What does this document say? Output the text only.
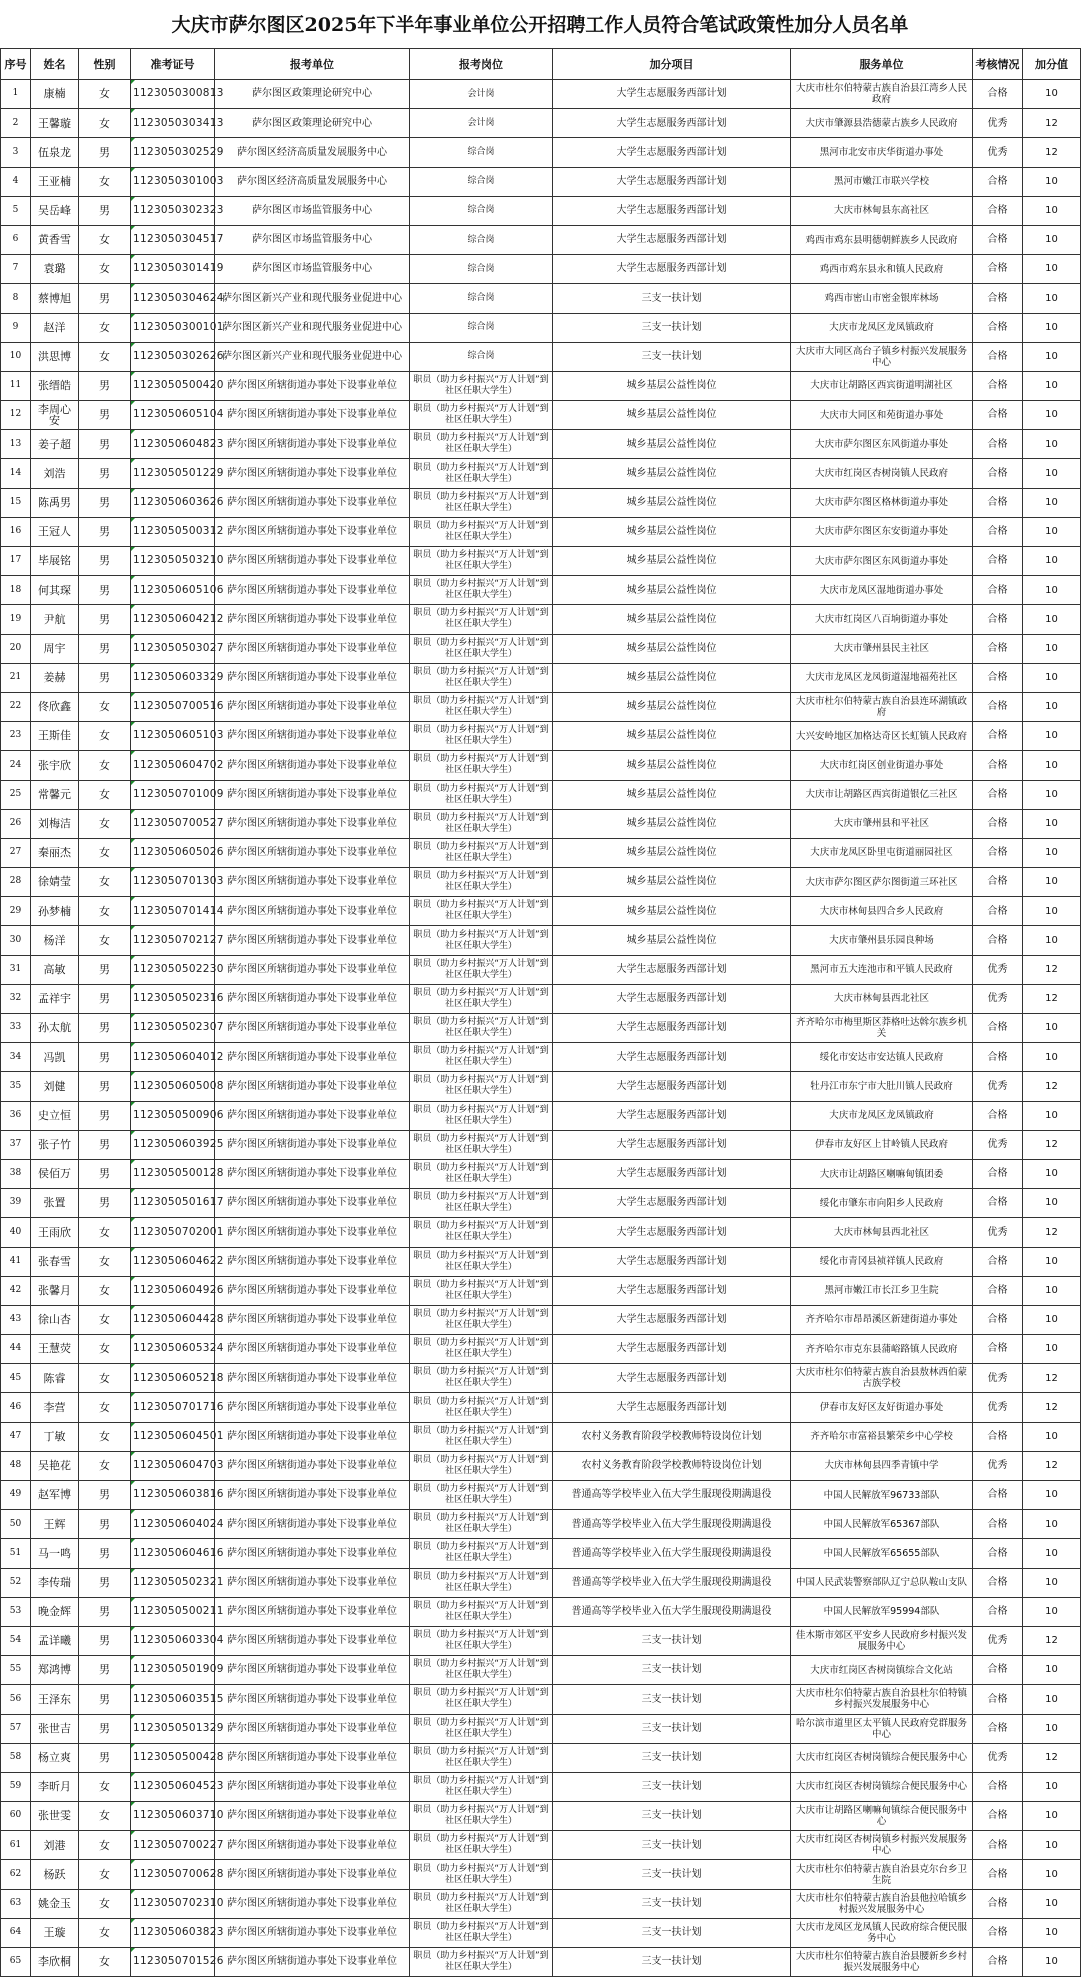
大庆市萨尔图区2025年下半年事业单位公开招聘工作人员符合笔试政策性加分人员名单
序号	姓名	性别	准考证号	报考单位	报考岗位	加分项目	服务单位	考核情况	加分值
1	康楠	女	1123050300813	萨尔图区政策理论研究中心	会计岗	大学生志愿服务西部计划	大庆市杜尔伯特蒙古族自治县江湾乡人民政府	合格	10
2	王馨璇	女	1123050303413	萨尔图区政策理论研究中心	会计岗	大学生志愿服务西部计划	大庆市肇源县浩德蒙古族乡人民政府	优秀	12
3	伍泉龙	男	1123050302529	萨尔图区经济高质量发展服务中心	综合岗	大学生志愿服务西部计划	黑河市北安市庆华街道办事处	优秀	12
4	王亚楠	女	1123050301003	萨尔图区经济高质量发展服务中心	综合岗	大学生志愿服务西部计划	黑河市嫩江市联兴学校	合格	10
5	吴岳峰	男	1123050302323	萨尔图区市场监管服务中心	综合岗	大学生志愿服务西部计划	大庆市林甸县东高社区	合格	10
6	黄香雪	女	1123050304517	萨尔图区市场监管服务中心	综合岗	大学生志愿服务西部计划	鸡西市鸡东县明德朝鲜族乡人民政府	合格	10
7	袁璐	女	1123050301419	萨尔图区市场监管服务中心	综合岗	大学生志愿服务西部计划	鸡西市鸡东县永和镇人民政府	合格	10
8	蔡博旭	男	1123050304624	萨尔图区新兴产业和现代服务业促进中心	综合岗	三支一扶计划	鸡西市密山市密金银库林场	合格	10
9	赵洋	女	1123050300101	萨尔图区新兴产业和现代服务业促进中心	综合岗	三支一扶计划	大庆市龙凤区龙凤镇政府	合格	10
10	洪思博	女	1123050302626	萨尔图区新兴产业和现代服务业促进中心	综合岗	三支一扶计划	大庆市大同区高台子镇乡村振兴发展服务中心	合格	10
11	张缙皓	男	1123050500420	萨尔图区所辖街道办事处下设事业单位	职员（助力乡村振兴“万人计划”到社区任职大学生）	城乡基层公益性岗位	大庆市让胡路区西宾街道明湖社区	合格	10
12	李周心安	男	1123050605104	萨尔图区所辖街道办事处下设事业单位	职员（助力乡村振兴“万人计划”到社区任职大学生）	城乡基层公益性岗位	大庆市大同区和苑街道办事处	合格	10
13	姜子超	男	1123050604823	萨尔图区所辖街道办事处下设事业单位	职员（助力乡村振兴“万人计划”到社区任职大学生）	城乡基层公益性岗位	大庆市萨尔图区东风街道办事处	合格	10
14	刘浩	男	1123050501229	萨尔图区所辖街道办事处下设事业单位	职员（助力乡村振兴“万人计划”到社区任职大学生）	城乡基层公益性岗位	大庆市红岗区杏树岗镇人民政府	合格	10
15	陈禹男	男	1123050603626	萨尔图区所辖街道办事处下设事业单位	职员（助力乡村振兴“万人计划”到社区任职大学生）	城乡基层公益性岗位	大庆市萨尔图区格林街道办事处	合格	10
16	王冠人	男	1123050500312	萨尔图区所辖街道办事处下设事业单位	职员（助力乡村振兴“万人计划”到社区任职大学生）	城乡基层公益性岗位	大庆市萨尔图区东安街道办事处	合格	10
17	毕展铭	男	1123050503210	萨尔图区所辖街道办事处下设事业单位	职员（助力乡村振兴“万人计划”到社区任职大学生）	城乡基层公益性岗位	大庆市萨尔图区东风街道办事处	合格	10
18	何其琛	男	1123050605106	萨尔图区所辖街道办事处下设事业单位	职员（助力乡村振兴“万人计划”到社区任职大学生）	城乡基层公益性岗位	大庆市龙凤区湿地街道办事处	合格	10
19	尹航	男	1123050604212	萨尔图区所辖街道办事处下设事业单位	职员（助力乡村振兴“万人计划”到社区任职大学生）	城乡基层公益性岗位	大庆市红岗区八百垧街道办事处	合格	10
20	周宇	男	1123050503027	萨尔图区所辖街道办事处下设事业单位	职员（助力乡村振兴“万人计划”到社区任职大学生）	城乡基层公益性岗位	大庆市肇州县民主社区	合格	10
21	姜赫	男	1123050603329	萨尔图区所辖街道办事处下设事业单位	职员（助力乡村振兴“万人计划”到社区任职大学生）	城乡基层公益性岗位	大庆市龙凤区龙凤街道湿地福苑社区	合格	10
22	佟欣鑫	女	1123050700516	萨尔图区所辖街道办事处下设事业单位	职员（助力乡村振兴“万人计划”到社区任职大学生）	城乡基层公益性岗位	大庆市杜尔伯特蒙古族自治县连环湖镇政府	合格	10
23	王斯佳	女	1123050605103	萨尔图区所辖街道办事处下设事业单位	职员（助力乡村振兴“万人计划”到社区任职大学生）	城乡基层公益性岗位	大兴安岭地区加格达奇区长虹镇人民政府	合格	10
24	张宇欣	女	1123050604702	萨尔图区所辖街道办事处下设事业单位	职员（助力乡村振兴“万人计划”到社区任职大学生）	城乡基层公益性岗位	大庆市红岗区创业街道办事处	合格	10
25	常馨元	女	1123050701009	萨尔图区所辖街道办事处下设事业单位	职员（助力乡村振兴“万人计划”到社区任职大学生）	城乡基层公益性岗位	大庆市让胡路区西宾街道银亿三社区	合格	10
26	刘梅洁	女	1123050700527	萨尔图区所辖街道办事处下设事业单位	职员（助力乡村振兴“万人计划”到社区任职大学生）	城乡基层公益性岗位	大庆市肇州县和平社区	合格	10
27	秦丽杰	女	1123050605026	萨尔图区所辖街道办事处下设事业单位	职员（助力乡村振兴“万人计划”到社区任职大学生）	城乡基层公益性岗位	大庆市龙凤区卧里屯街道丽园社区	合格	10
28	徐婧莹	女	1123050701303	萨尔图区所辖街道办事处下设事业单位	职员（助力乡村振兴“万人计划”到社区任职大学生）	城乡基层公益性岗位	大庆市萨尔图区萨尔图街道三环社区	合格	10
29	孙梦楠	女	1123050701414	萨尔图区所辖街道办事处下设事业单位	职员（助力乡村振兴“万人计划”到社区任职大学生）	城乡基层公益性岗位	大庆市林甸县四合乡人民政府	合格	10
30	杨洋	女	1123050702127	萨尔图区所辖街道办事处下设事业单位	职员（助力乡村振兴“万人计划”到社区任职大学生）	城乡基层公益性岗位	大庆市肇州县乐园良种场	合格	10
31	高敏	男	1123050502230	萨尔图区所辖街道办事处下设事业单位	职员（助力乡村振兴“万人计划”到社区任职大学生）	大学生志愿服务西部计划	黑河市五大连池市和平镇人民政府	优秀	12
32	孟祥宇	男	1123050502316	萨尔图区所辖街道办事处下设事业单位	职员（助力乡村振兴“万人计划”到社区任职大学生）	大学生志愿服务西部计划	大庆市林甸县西北社区	优秀	12
33	孙太航	男	1123050502307	萨尔图区所辖街道办事处下设事业单位	职员（助力乡村振兴“万人计划”到社区任职大学生）	大学生志愿服务西部计划	齐齐哈尔市梅里斯区莽格吐达斡尔族乡机关	合格	10
34	冯凯	男	1123050604012	萨尔图区所辖街道办事处下设事业单位	职员（助力乡村振兴“万人计划”到社区任职大学生）	大学生志愿服务西部计划	绥化市安达市安达镇人民政府	合格	10
35	刘健	男	1123050605008	萨尔图区所辖街道办事处下设事业单位	职员（助力乡村振兴“万人计划”到社区任职大学生）	大学生志愿服务西部计划	牡丹江市东宁市大肚川镇人民政府	优秀	12
36	史立恒	男	1123050500906	萨尔图区所辖街道办事处下设事业单位	职员（助力乡村振兴“万人计划”到社区任职大学生）	大学生志愿服务西部计划	大庆市龙凤区龙凤镇政府	合格	10
37	张子竹	男	1123050603925	萨尔图区所辖街道办事处下设事业单位	职员（助力乡村振兴“万人计划”到社区任职大学生）	大学生志愿服务西部计划	伊春市友好区上甘岭镇人民政府	优秀	12
38	侯佰万	男	1123050500128	萨尔图区所辖街道办事处下设事业单位	职员（助力乡村振兴“万人计划”到社区任职大学生）	大学生志愿服务西部计划	大庆市让胡路区喇嘛甸镇团委	合格	10
39	张置	男	1123050501617	萨尔图区所辖街道办事处下设事业单位	职员（助力乡村振兴“万人计划”到社区任职大学生）	大学生志愿服务西部计划	绥化市肇东市向阳乡人民政府	合格	10
40	王雨欣	女	1123050702001	萨尔图区所辖街道办事处下设事业单位	职员（助力乡村振兴“万人计划”到社区任职大学生）	大学生志愿服务西部计划	大庆市林甸县西北社区	优秀	12
41	张春雪	女	1123050604622	萨尔图区所辖街道办事处下设事业单位	职员（助力乡村振兴“万人计划”到社区任职大学生）	大学生志愿服务西部计划	绥化市青冈县祯祥镇人民政府	合格	10
42	张馨月	女	1123050604926	萨尔图区所辖街道办事处下设事业单位	职员（助力乡村振兴“万人计划”到社区任职大学生）	大学生志愿服务西部计划	黑河市嫩江市长江乡卫生院	合格	10
43	徐山杏	女	1123050604428	萨尔图区所辖街道办事处下设事业单位	职员（助力乡村振兴“万人计划”到社区任职大学生）	大学生志愿服务西部计划	齐齐哈尔市昂昂溪区新建街道办事处	合格	10
44	王慧荧	女	1123050605324	萨尔图区所辖街道办事处下设事业单位	职员（助力乡村振兴“万人计划”到社区任职大学生）	大学生志愿服务西部计划	齐齐哈尔市克东县蒲峪路镇人民政府	合格	10
45	陈睿	女	1123050605218	萨尔图区所辖街道办事处下设事业单位	职员（助力乡村振兴“万人计划”到社区任职大学生）	大学生志愿服务西部计划	大庆市杜尔伯特蒙古族自治县敖林西伯蒙古族学校	优秀	12
46	李营	女	1123050701716	萨尔图区所辖街道办事处下设事业单位	职员（助力乡村振兴“万人计划”到社区任职大学生）	大学生志愿服务西部计划	伊春市友好区友好街道办事处	优秀	12
47	丁敏	女	1123050604501	萨尔图区所辖街道办事处下设事业单位	职员（助力乡村振兴“万人计划”到社区任职大学生）	农村义务教育阶段学校教师特设岗位计划	齐齐哈尔市富裕县繁荣乡中心学校	合格	10
48	吴艳花	女	1123050604703	萨尔图区所辖街道办事处下设事业单位	职员（助力乡村振兴“万人计划”到社区任职大学生）	农村义务教育阶段学校教师特设岗位计划	大庆市林甸县四季青镇中学	优秀	12
49	赵军博	男	1123050603816	萨尔图区所辖街道办事处下设事业单位	职员（助力乡村振兴“万人计划”到社区任职大学生）	普通高等学校毕业入伍大学生服现役期满退役	中国人民解放军96733部队	合格	10
50	王辉	男	1123050604024	萨尔图区所辖街道办事处下设事业单位	职员（助力乡村振兴“万人计划”到社区任职大学生）	普通高等学校毕业入伍大学生服现役期满退役	中国人民解放军65367部队	合格	10
51	马一鸣	男	1123050604616	萨尔图区所辖街道办事处下设事业单位	职员（助力乡村振兴“万人计划”到社区任职大学生）	普通高等学校毕业入伍大学生服现役期满退役	中国人民解放军65655部队	合格	10
52	李传瑞	男	1123050502321	萨尔图区所辖街道办事处下设事业单位	职员（助力乡村振兴“万人计划”到社区任职大学生）	普通高等学校毕业入伍大学生服现役期满退役	中国人民武装警察部队辽宁总队鞍山支队	合格	10
53	晚金辉	男	1123050500211	萨尔图区所辖街道办事处下设事业单位	职员（助力乡村振兴“万人计划”到社区任职大学生）	普通高等学校毕业入伍大学生服现役期满退役	中国人民解放军95994部队	合格	10
54	孟详曦	男	1123050603304	萨尔图区所辖街道办事处下设事业单位	职员（助力乡村振兴“万人计划”到社区任职大学生）	三支一扶计划	佳木斯市郊区平安乡人民政府乡村振兴发展服务中心	优秀	12
55	郑鸿博	男	1123050501909	萨尔图区所辖街道办事处下设事业单位	职员（助力乡村振兴“万人计划”到社区任职大学生）	三支一扶计划	大庆市红岗区杏树岗镇综合文化站	合格	10
56	王泽东	男	1123050603515	萨尔图区所辖街道办事处下设事业单位	职员（助力乡村振兴“万人计划”到社区任职大学生）	三支一扶计划	大庆市杜尔伯特蒙古族自治县杜尔伯特镇乡村振兴发展服务中心	合格	10
57	张世吉	男	1123050501329	萨尔图区所辖街道办事处下设事业单位	职员（助力乡村振兴“万人计划”到社区任职大学生）	三支一扶计划	哈尔滨市道里区太平镇人民政府党群服务中心	合格	10
58	杨立爽	男	1123050500428	萨尔图区所辖街道办事处下设事业单位	职员（助力乡村振兴“万人计划”到社区任职大学生）	三支一扶计划	大庆市红岗区杏树岗镇综合便民服务中心	优秀	12
59	李昕月	女	1123050604523	萨尔图区所辖街道办事处下设事业单位	职员（助力乡村振兴“万人计划”到社区任职大学生）	三支一扶计划	大庆市红岗区杏树岗镇综合便民服务中心	合格	10
60	张世雯	女	1123050603710	萨尔图区所辖街道办事处下设事业单位	职员（助力乡村振兴“万人计划”到社区任职大学生）	三支一扶计划	大庆市让胡路区喇嘛甸镇综合便民服务中心	合格	10
61	刘港	女	1123050700227	萨尔图区所辖街道办事处下设事业单位	职员（助力乡村振兴“万人计划”到社区任职大学生）	三支一扶计划	大庆市红岗区杏树岗镇乡村振兴发展服务中心	合格	10
62	杨跃	女	1123050700628	萨尔图区所辖街道办事处下设事业单位	职员（助力乡村振兴“万人计划”到社区任职大学生）	三支一扶计划	大庆市杜尔伯特蒙古族自治县克尔台乡卫生院	合格	10
63	姚金玉	女	1123050702310	萨尔图区所辖街道办事处下设事业单位	职员（助力乡村振兴“万人计划”到社区任职大学生）	三支一扶计划	大庆市杜尔伯特蒙古族自治县他拉哈镇乡村振兴发展服务中心	合格	10
64	王璇	女	1123050603823	萨尔图区所辖街道办事处下设事业单位	职员（助力乡村振兴“万人计划”到社区任职大学生）	三支一扶计划	大庆市龙凤区龙凤镇人民政府综合便民服务中心	合格	10
65	李欣桐	女	1123050701526	萨尔图区所辖街道办事处下设事业单位	职员（助力乡村振兴“万人计划”到社区任职大学生）	三支一扶计划	大庆市杜尔伯特蒙古族自治县腰新乡乡村振兴发展服务中心	合格	10
